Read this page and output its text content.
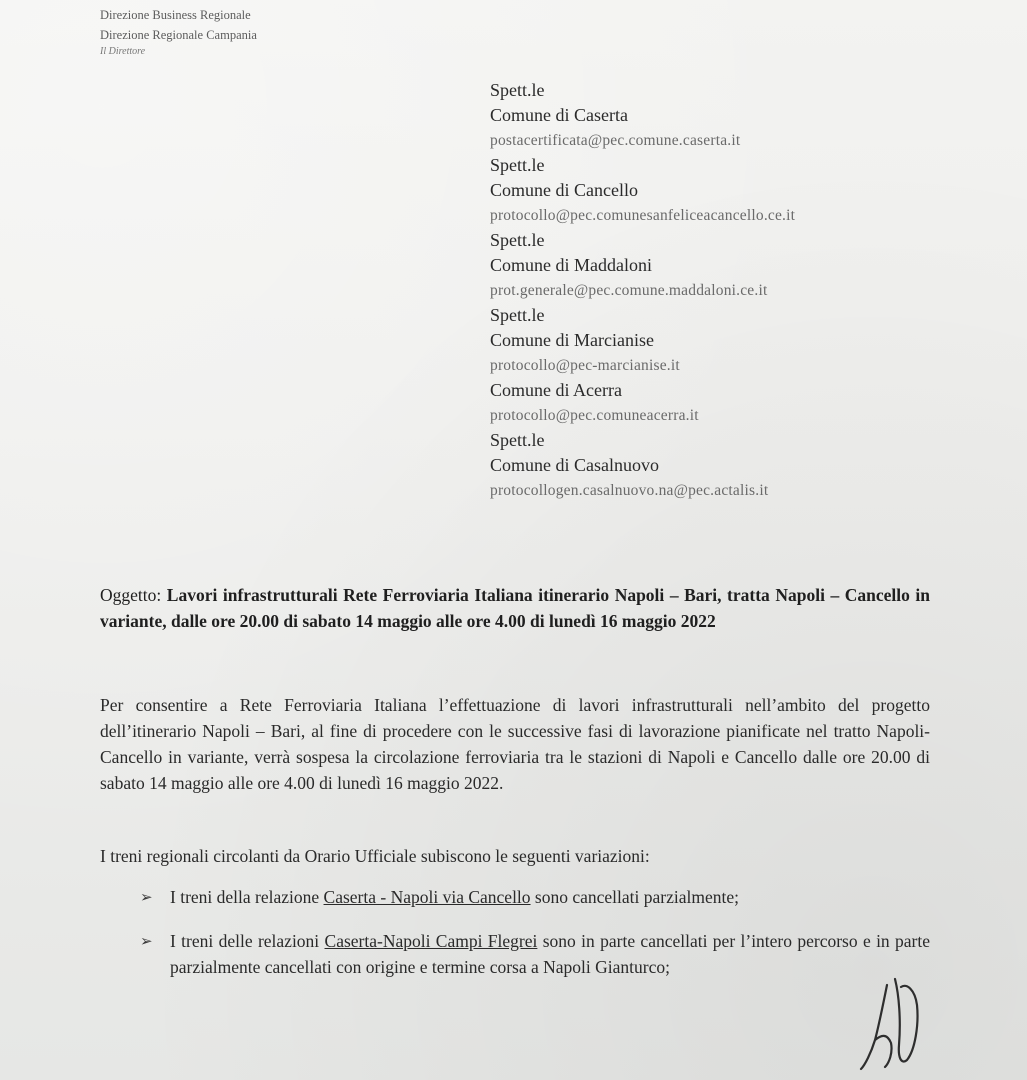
Direzione Business Regionale
Direzione Regionale Campania
Il Direttore
Spett.le
Comune di Caserta
postacertificata@pec.comune.caserta.it
Spett.le
Comune di Cancello
protocollo@pec.comunesanfeliceacancello.ce.it
Spett.le
Comune di Maddaloni
prot.generale@pec.comune.maddaloni.ce.it
Spett.le
Comune di Marcianise
protocollo@pec-marcianise.it
Comune di Acerra
protocollo@pec.comuneacerra.it
Spett.le
Comune di Casalnuovo
protocollogen.casalnuovo.na@pec.actalis.it
Oggetto: Lavori infrastrutturali Rete Ferroviaria Italiana itinerario Napoli – Bari, tratta Napoli – Cancello in variante, dalle ore 20.00 di sabato 14 maggio alle ore 4.00 di lunedì 16 maggio 2022
Per consentire a Rete Ferroviaria Italiana l’effettuazione di lavori infrastrutturali nell’ambito del progetto dell’itinerario Napoli – Bari, al fine di procedere con le successive fasi di lavorazione pianificate nel tratto Napoli-Cancello in variante, verrà sospesa la circolazione ferroviaria tra le stazioni di Napoli e Cancello dalle ore 20.00 di sabato 14 maggio alle ore 4.00 di lunedì 16 maggio 2022.
I treni regionali circolanti da Orario Ufficiale subiscono le seguenti variazioni:
➢ I treni della relazione Caserta - Napoli via Cancello sono cancellati parzialmente;
➢ I treni delle relazioni Caserta-Napoli Campi Flegrei sono in parte cancellati per l’intero percorso e in parte parzialmente cancellati con origine e termine corsa a Napoli Gianturco;
